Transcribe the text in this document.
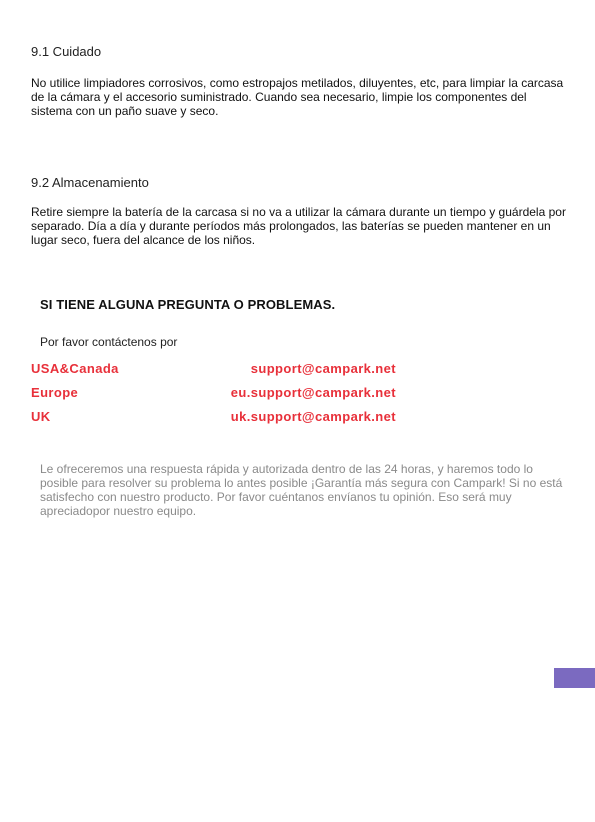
9.1 Cuidado

No utilice limpiadores corrosivos, como estropajos metilados, diluyentes, etc, para limpiar la carcasa de la cámara y el accesorio suministrado. Cuando sea necesario, limpie los componentes del sistema con un paño suave y seco.

9.2 Almacenamiento

Retire siempre la batería de la carcasa si no va a utilizar la cámara durante un tiempo y guárdela por separado. Día a día y durante períodos más prolongados, las baterías se pueden mantener en un lugar seco, fuera del alcance de los niños.

SI TIENE ALGUNA PREGUNTA O PROBLEMAS.

Por favor contáctenos por

USA&Canada	support@campark.net
Europe	eu.support@campark.net
UK	uk.support@campark.net

Le ofreceremos una respuesta rápida y autorizada dentro de las 24 horas, y haremos todo lo posible para resolver su problema lo antes posible ¡Garantía más segura con Campark! Si no está satisfecho con nuestro producto. Por favor cuéntanos envíanos tu opinión. Eso será muy apreciadopor nuestro equipo.
